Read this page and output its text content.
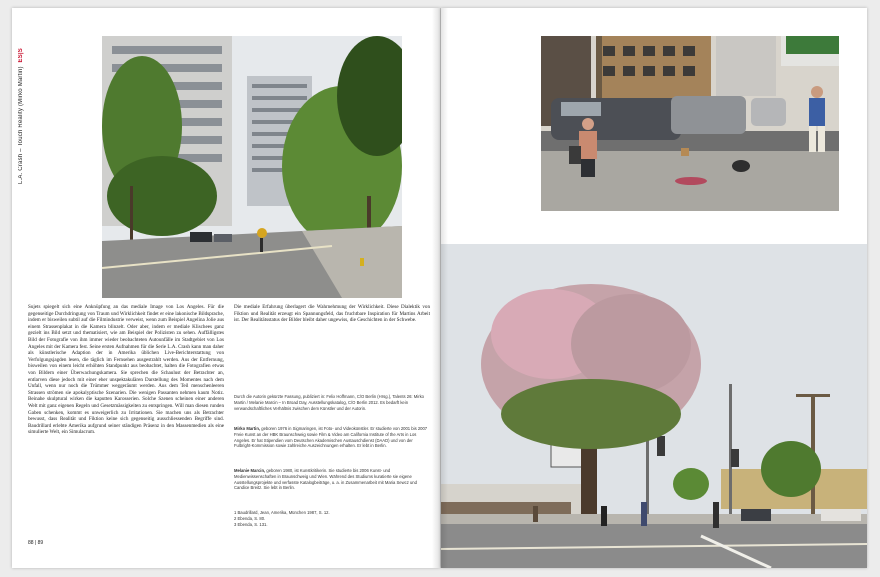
L.A. Crash – Touch Reality (Mirko Martin)  ES|S
Sujets spiegelt sich eine Anknüpfung an das mediale Image von Los Angeles. Für die gegenseitige Durchdringung von Traum und Wirklichkeit findet er eine lakonische Bildsprache, indem er bisweilen subtil auf die Filmindustrie verweist, wenn zum Beispiel Angelina Jolie aus einem Strassenplakat in die Kamera blinzelt. Oder aber, indem er mediale Klischees ganz gezielt ins Bild setzt und thematisiert, wie am Beispiel der Polizisten zu sehen. Auffälligstes Bild der Fotografie von ihm immer wieder beobachteten Autounfälle im Stadtgebiet von Los Angeles mit der Kamera fest. Seine ersten Aufnahmen für die Serie L.A. Crash kann man daher als künstlerische Adaption der in Amerika üblichen Live-Berichterstattung von Verfolgungsjagden lesen, die täglich im Fernsehen ausgestrahlt werden. Aus der Entfernung, bisweilen von einem leicht erhöhten Standpunkt aus beobachtet, halten die Fotografien etwas von Bildern einer Überwachungskamera. Sie sprechen die Schaulust der Betrachter an, entlarven diese jedoch mit einer eher unspektakulären Darstellung des Momentes nach dem Unfall, wenn nur noch die Trümmer weggeräumt werden. Aus dem Teil menschenleeren Strassen strömen sie apokalyptische Szenarien. Die wenigen Passanten nehmen kaum Notiz. Beinahe skulptural wirken die kaputten Karosserien. Solche Szenen scheinen einer anderen Welt mit ganz eigenen Regeln und Gesetzmässigkeiten zu entspringen. Will man diesen runden Gaben schenken, kommt es unweigerlich zu Irritationen. Sie machen uns als Betrachter bewusst, dass Realität und Fiktion keine sich gegenseitig ausschliessenden Begriffe sind. Baudrillard erlebte Amerika aufgrund seiner ständigen Präsenz in den Massenmedien als eine simulierte Welt, ein Simulacrum.
Die mediale Erfahrung überlagert die Wahrnehmung der Wirklichkeit. Diese Dialektik von Fiktion und Realität erzeugt ein Spannungsfeld, das fruchtbare Inspiration für Martins Arbeit ist. Der Realitätsstatus der Bilder bleibt daher ungewiss, die Geschichten in der Schwebe.
Durch die Autorin gekürzte Fassung, publiziert in: Felix Hoffmann, C/O Berlin (Hrsg.), Talents 26: Mirko Martin / Melanie Marcin – In Broad Day, Ausstellungskatalog, C/O Berlin 2012. Es bedarft kein verwandschaftliches Verhältnis zwischen dem Künstler und der Autorin.
Mirko Martin, geboren 1976 in Sigmaringen, ist Foto- und Videokünstler. Er studierte von 2001 bis 2007 Freie Kunst an der HBK Braunschweig sowie Film & Video am California Institute of the Arts in Los Angeles. Er hat Stipendien vom Deutschen Akademischen Austauschdienst (DAAD) und von der Fulbright-Kommission sowie zahlreiche Auszeichnungen erhalten. Er lebt in Berlin.
Melanie Marcin, geboren 1980, ist Kunstkritikerin. Sie studierte bis 2006 Kunst- und Medienwissenschaften in Braunschweig und Wien. Während des Studiums kuratierte sie eigene Ausstellungsprojekte und verfasste Katalogbeiträge, u. a. in Zusammenarbeit mit Maria Sewcz und Candice Breitz. Sie lebt in Berlin.
1 Baudrillard, Jean, Amerika, München 1987, S. 12.
2 Ebenda, S. 80.
3 Ebenda, S. 131.
88 | 89
